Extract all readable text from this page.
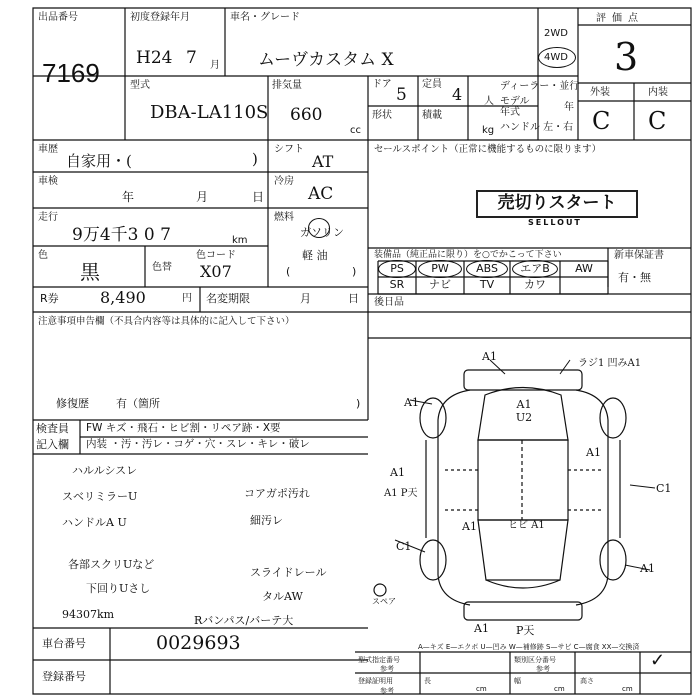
出品番号
7169
初度登録年月
H24 7 月
車名・グレード
ムーヴカスタム X
2WD
4WD
評価点
3
外装	内装
C C
型式
DBA-LA110S
排気量
660
cc
ドア
5
定員
4 人
形状	積載
kg
ディーラー・並行
モデル年式	年
ハンドル 左・右
車歴
自家用・(	)
シフト
AT
車検
年	月	日
冷房
AC
走行
9万4千3 0 7	km
燃料
ガソリン
軽 油
(	)
色
黒	色替
色コード
X07
R券	8,490	円 名変期限	月	日
注意事項申告欄（不具合内容等は具体的に記入して下さい）
修復歴 有（箇所	)
セールスポイント（正常に機能するものに限ります）
売切りスタート
SELLOUT
装備品（純正品に限り）を○でかこって下さい
PS	PW	ABS	エアB	AW
SR	ナビ	TV	カワ
新車保証書
有・無
後日品
検査員
記入欄
FW キズ・飛石・ヒビ割・リペア跡・X要
内装 ・汚・汚レ・コゲ・穴・スレ・キレ・破レ
ハルルシスレ
スベリミラーU
ハンドルA U
コアガポ汚れ
細汚レ
各部スクリUなど
下回りUさし
スライドレール
タルAW
Rバンパス/バーテ大
94307km
車台番号	0029693
登録番号
A1
A1 U2
ラジ1 凹みA1
A1
A1
A1
A1 P天
A1
C1
ヒビ A1
C1
A1
A1 P天
スペア
A—キズ E—エクボ U—凹み W—補修跡 S—サビ C—腐食 XX—交換済
型式指定番号	類別区分番号
参考	参考
登録証明用
参考
長	幅	高さ
cm	cm	cm
✓
